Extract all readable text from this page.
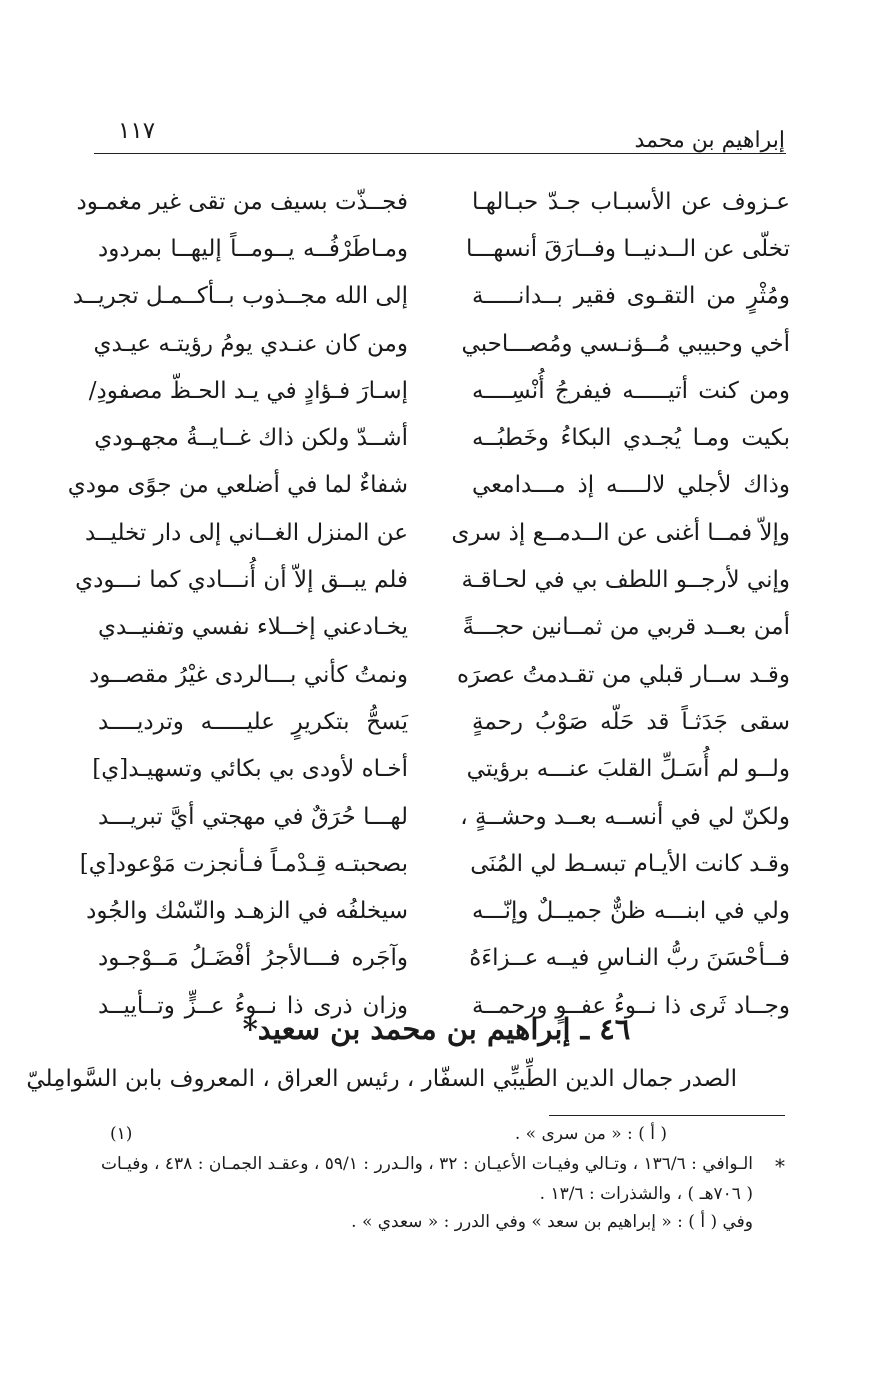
إبراهيم بن محمد
١١٧
عـزوف عن الأسبـاب جـدّ حبـالهـا
فجــذّت بسيف من تقى غير مغمـود
تخلّى عن الــدنيــا وفــارَقَ أنسهـــا
ومـاطَرْفُــه يــومــاً إليهــا بمردود
ومُثْرٍ من التقـوى فقير بــدانـــــة
إلى الله مجــذوب بــأكــمـل تجريــد
أخي وحبيبي مُــؤنـسي ومُصـــاحبي
ومن كان عنـدي يومُ رؤيتـه عيـدي
ومن كنت أتيـــــه فيفرجُ أُنْسِــــه
إسـارَ فـؤادٍ في يـد الحـظّ مصفودِ/
بكيت ومـا يُجـدي البكاءُ وخَطبُــه
أشــدّ ولكن ذاك غــايــةُ مجهـودي
وذاك لأجلي لالــــه إذ مـــدامعي
شفاءٌ لما في أضلعي من جوًى مودي
وإلاّ فمــا أغنى عن الــدمــع إذ سرى
عن المنزل الغــاني إلى دار تخليــد
وإني لأرجــو اللطف بي في لحـاقـة
فلم يبــق إلاّ أن أُنـــادي كما نـــودي
أمن بعــد قربي من ثمــانين حجـــةً
يخـادعني إخــلاء نفسي وتفنيــدي
وقـد ســار قبلي من تقـدمتُ عصرَه
ونمتُ كأني بـــالردى غيْرُ مقصــود
سقى جَدَثـاً قد حَلّه صَوْبُ رحمةٍ
يَسحُّ بتكريرٍ عليـــــه وترديــــد
ولــو لم أُسَـلِّ القلبَ عنـــه برؤيتي
أخـاه لأودى بي بكائي وتسهيـد[ي]
ولكنّ لي في أنســه بعــد وحشــةٍ ،
لهـــا حُرَقٌ في مهجتي أيَّ تبريـــد
وقـد كانت الأيـام تبسـط لي المُنَى
بصحبتـه قِـدْمـاً فـأنجزت مَوْعود[ي]
ولي في ابنـــه ظنٌّ جميــلٌ وإنّـــه
سيخلفُه في الزهـد والنّسْك والجُود
فــأحْسَنَ ربُّ النـاسِ فيــه عــزاءَهُ
وآجَره فـــالأجرُ أفْضَـلُ مَــوْجـود
وجــاد ثَرى ذا نــوءُ عفــوٍ ورحمــة
وزان ذرى ذا نــوءُ عــزٍّ وتــأييــد
٤٦ ـ إبراهيم بن محمد بن سعيد*
الصدر جمال الدين الطِّيبِّي السفّار ، رئيس العراق ، المعروف بابن السَّوامِليّ
(١)	( أ ) : « من سرى » .
*
الـوافي : ١٣٦/٦ ، وتـالي وفيـات الأعيـان : ٣٢ ، والـدرر : ٥٩/١ ، وعقـد الجمـان : ٤٣٨ ، وفيـات
( ٧٠٦هـ ) ، والشذرات : ١٣/٦ .
وفي ( أ ) : « إبراهيم بن سعد » وفي الدرر : « سعدي » .
